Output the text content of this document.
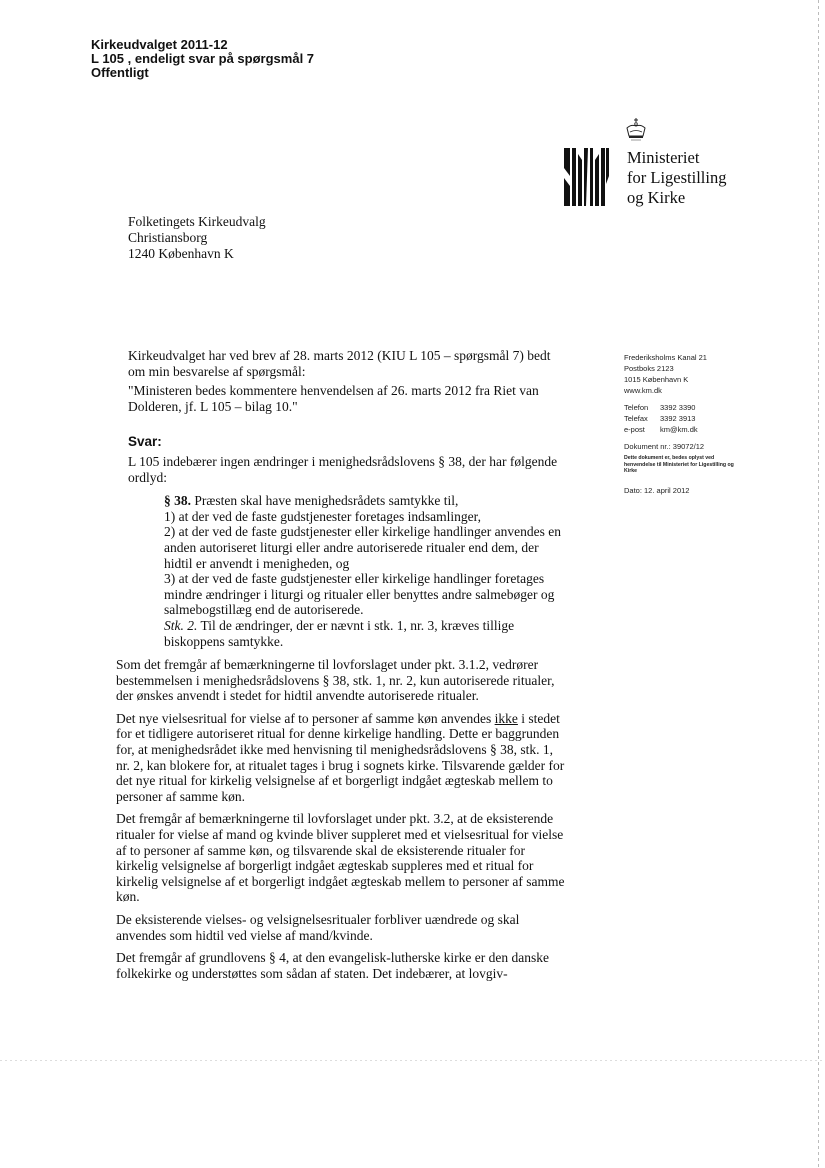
Kirkeudvalget 2011-12
L 105 , endeligt svar på spørgsmål 7
Offentligt
Ministeriet
for Ligestilling
og Kirke
Folketingets Kirkeudvalg
Christiansborg
1240 København K
Frederiksholms Kanal 21
Postboks 2123
1015 København K
www.km.dk
Telefon	3392 3390
Telefax	3392 3913
e-post	km@km.dk
Dokument nr.: 39072/12
Dette dokument er, bedes oplyst ved henvendelse til Ministeriet for Ligestilling og Kirke
Dato: 12. april 2012

Kirkeudvalget har ved brev af 28. marts 2012 (KIU L 105 – spørgsmål 7) bedt om min besvarelse af spørgsmål:

"Ministeren bedes kommentere henvendelsen af 26. marts 2012 fra Riet van Dolderen, jf. L 105 – bilag 10."

Svar:

L 105 indebærer ingen ændringer i menighedsrådslovens § 38, der har følgende ordlyd:

§ 38. Præsten skal have menighedsrådets samtykke til,
1) at der ved de faste gudstjenester foretages indsamlinger,
2) at der ved de faste gudstjenester eller kirkelige handlinger anvendes en anden autoriseret liturgi eller andre autoriserede ritualer end dem, der hidtil er anvendt i menigheden, og
3) at der ved de faste gudstjenester eller kirkelige handlinger foretages mindre ændringer i liturgi og ritualer eller benyttes andre salmebøger og salmebogstillæg end de autoriserede.
Stk. 2. Til de ændringer, der er nævnt i stk. 1, nr. 3, kræves tillige biskoppens samtykke.

Som det fremgår af bemærkningerne til lovforslaget under pkt. 3.1.2, vedrører bestemmelsen i menighedsrådslovens § 38, stk. 1, nr. 2, kun autoriserede ritualer, der ønskes anvendt i stedet for hidtil anvendte autoriserede ritualer.

Det nye vielsesritual for vielse af to personer af samme køn anvendes ikke i stedet for et tidligere autoriseret ritual for denne kirkelige handling. Dette er baggrunden for, at menighedsrådet ikke med henvisning til menighedsrådslovens § 38, stk. 1, nr. 2, kan blokere for, at ritualet tages i brug i sognets kirke. Tilsvarende gælder for det nye ritual for kirkelig velsignelse af et borgerligt indgået ægteskab mellem to personer af samme køn.

Det fremgår af bemærkningerne til lovforslaget under pkt. 3.2, at de eksisterende ritualer for vielse af mand og kvinde bliver suppleret med et vielsesritual for vielse af to personer af samme køn, og tilsvarende skal de eksisterende ritualer for kirkelig velsignelse af borgerligt indgået ægteskab suppleres med et ritual for kirkelig velsignelse af et borgerligt indgået ægteskab mellem to personer af samme køn.

De eksisterende vielses- og velsignelsesritualer forbliver uændrede og skal anvendes som hidtil ved vielse af mand/kvinde.

Det fremgår af grundlovens § 4, at den evangelisk-lutherske kirke er den danske folkekirke og understøttes som sådan af staten. Det indebærer, at lovgiv-
